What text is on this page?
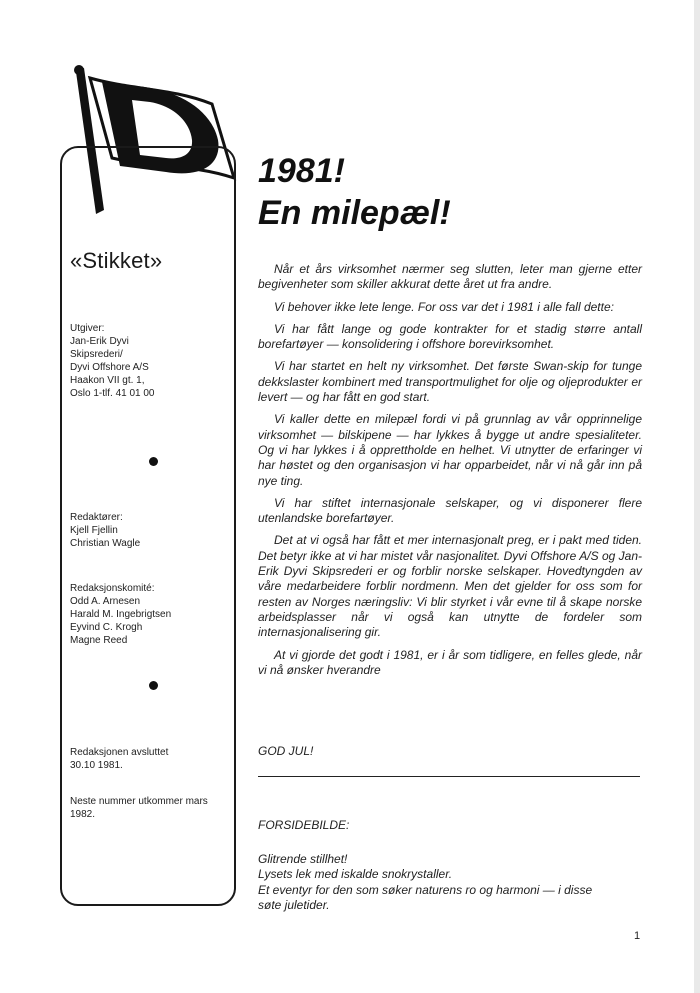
«Stikket»
Utgiver:
Jan-Erik Dyvi
Skipsrederi/
Dyvi Offshore A/S
Haakon VII gt. 1,
Oslo 1-tlf. 41 01 00
Redaktører:
Kjell Fjellin
Christian Wagle
Redaksjonskomité:
Odd A. Arnesen
Harald M. Ingebrigtsen
Eyvind C. Krogh
Magne Reed
Redaksjonen avsluttet
30.10 1981.
Neste nummer utkommer mars
1982.
1981!
En milepæl!

Når et års virksomhet nærmer seg slutten, leter man gjerne etter begivenheter som skiller akkurat dette året ut fra andre.

Vi behover ikke lete lenge. For oss var det i 1981 i alle fall dette:

Vi har fått lange og gode kontrakter for et stadig større antall borefartøyer — konsolidering i offshore borevirksomhet.

Vi har startet en helt ny virksomhet. Det første Swan-skip for tunge dekkslaster kombinert med transportmulighet for olje og oljeprodukter er levert — og har fått en god start.

Vi kaller dette en milepæl fordi vi på grunnlag av vår opprinnelige virksomhet — bilskipene — har lykkes å bygge ut andre spesialiteter. Og vi har lykkes i å opprettholde en helhet. Vi utnytter de erfaringer vi har høstet og den organisasjon vi har opparbeidet, når vi nå går inn på nye ting.

Vi har stiftet internasjonale selskaper, og vi disponerer flere utenlandske borefartøyer.

Det at vi også har fått et mer internasjonalt preg, er i pakt med tiden. Det betyr ikke at vi har mistet vår nasjonalitet. Dyvi Offshore A/S og Jan-Erik Dyvi Skipsrederi er og forblir norske selskaper. Hovedtyngden av våre medarbeidere forblir nordmenn. Men det gjelder for oss som for resten av Norges næringsliv: Vi blir styrket i vår evne til å skape norske arbeidsplasser når vi også kan utnytte de fordeler som internasjonalisering gir.

At vi gjorde det godt i 1981, er i år som tidligere, en felles glede, når vi nå ønsker hverandre

GOD JUL!
FORSIDEBILDE:
Glitrende stillhet!
Lysets lek med iskalde snokrystaller.
Et eventyr for den som søker naturens ro og harmoni — i disse
søte juletider.
1
